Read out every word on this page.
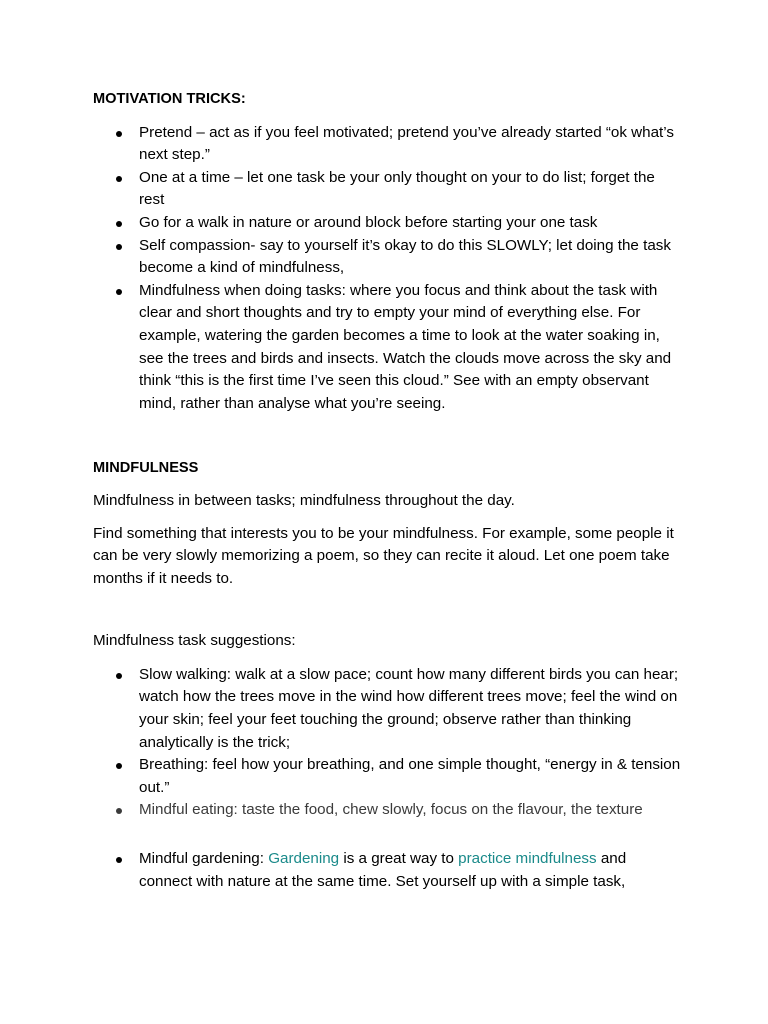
MOTIVATION TRICKS:

Pretend – act as if you feel motivated; pretend you’ve already started “ok what’s next step.”
One at a time – let one task be your only thought on your to do list; forget the rest
Go for a walk in nature or around block before starting your one task
Self compassion- say to yourself it’s okay to do this SLOWLY; let doing the task become a kind of mindfulness,
Mindfulness when doing tasks: where you focus and think about the task with clear and short thoughts and try to empty your mind of everything else. For example, watering the garden becomes a time to look at the water soaking in, see the trees and birds and insects. Watch the clouds move across the sky and think “this is the first time I’ve seen this cloud.” See with an empty observant mind, rather than analyse what you’re seeing.

MINDFULNESS

Mindfulness in between tasks; mindfulness throughout the day.

Find something that interests you to be your mindfulness. For example, some people it can be very slowly memorizing a poem, so they can recite it aloud. Let one poem take months if it needs to.

Mindfulness task suggestions:

Slow walking: walk at a slow pace; count how many different birds you can hear; watch how the trees move in the wind how different trees move; feel the wind on your skin; feel your feet touching the ground; observe rather than thinking analytically is the trick;
Breathing: feel how your breathing, and one simple thought, “energy in & tension out.”
Mindful eating: taste the food, chew slowly, focus on the flavour, the texture
Mindful gardening: Gardening is a great way to practice mindfulness and connect with nature at the same time. Set yourself up with a simple task,
